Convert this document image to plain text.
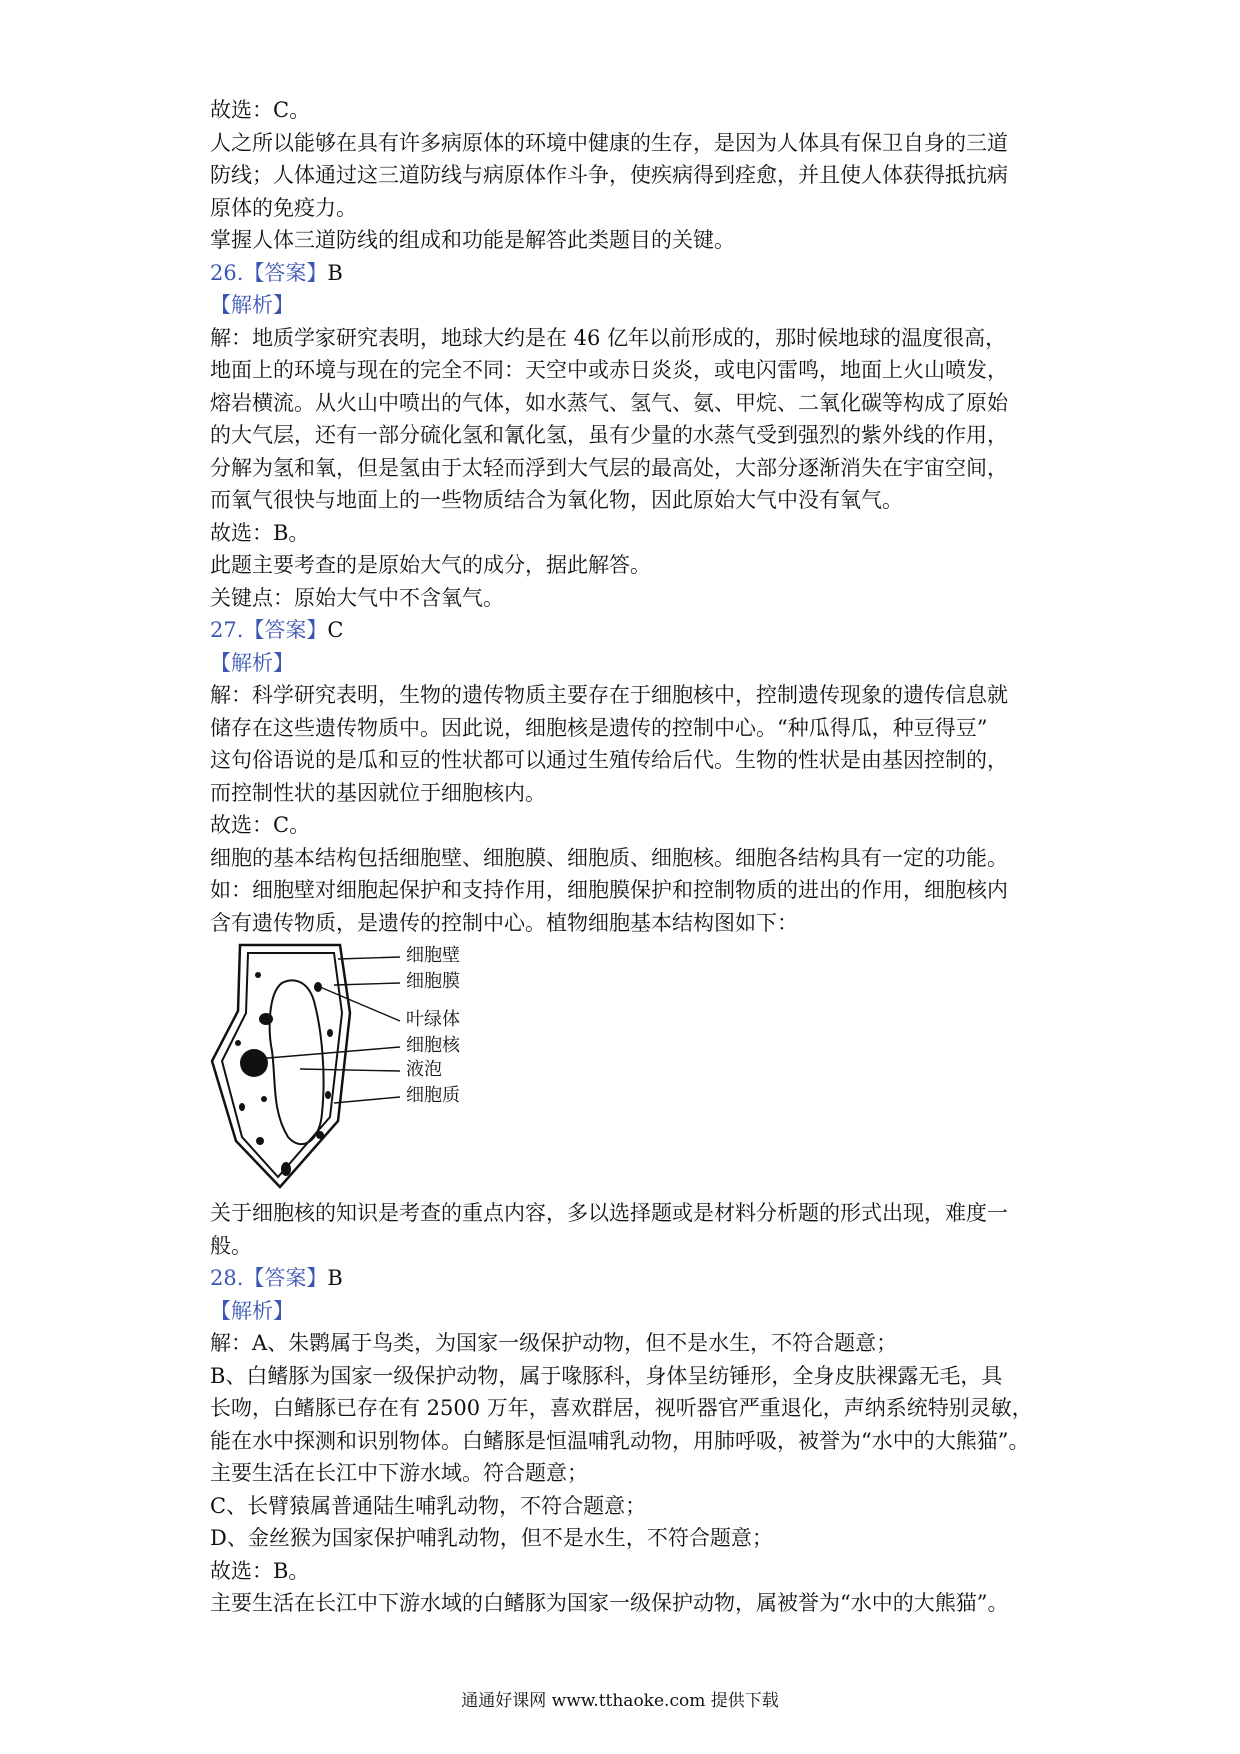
故选：C。
人之所以能够在具有许多病原体的环境中健康的生存，是因为人体具有保卫自身的三道
防线；人体通过这三道防线与病原体作斗争，使疾病得到痊愈，并且使人体获得抵抗病
原体的免疫力。
掌握人体三道防线的组成和功能是解答此类题目的关键。
26.【答案】B
【解析】
解：地质学家研究表明，地球大约是在 46 亿年以前形成的，那时候地球的温度很高，
地面上的环境与现在的完全不同：天空中或赤日炎炎，或电闪雷鸣，地面上火山喷发，
熔岩横流。从火山中喷出的气体，如水蒸气、氢气、氨、甲烷、二氧化碳等构成了原始
的大气层，还有一部分硫化氢和氰化氢，虽有少量的水蒸气受到强烈的紫外线的作用，
分解为氢和氧，但是氢由于太轻而浮到大气层的最高处，大部分逐渐消失在宇宙空间，
而氧气很快与地面上的一些物质结合为氧化物，因此原始大气中没有氧气。
故选：B。
此题主要考查的是原始大气的成分，据此解答。
关键点：原始大气中不含氧气。
27.【答案】C
【解析】
解：科学研究表明，生物的遗传物质主要存在于细胞核中，控制遗传现象的遗传信息就
储存在这些遗传物质中。因此说，细胞核是遗传的控制中心。“种瓜得瓜，种豆得豆”
这句俗语说的是瓜和豆的性状都可以通过生殖传给后代。生物的性状是由基因控制的，
而控制性状的基因就位于细胞核内。
故选：C。
细胞的基本结构包括细胞壁、细胞膜、细胞质、细胞核。细胞各结构具有一定的功能。
如：细胞壁对细胞起保护和支持作用，细胞膜保护和控制物质的进出的作用，细胞核内
含有遗传物质，是遗传的控制中心。植物细胞基本结构图如下：
细胞壁
细胞膜
叶绿体
细胞核
液泡
细胞质
关于细胞核的知识是考查的重点内容，多以选择题或是材料分析题的形式出现，难度一
般。
28.【答案】B
【解析】
解：A、朱鹮属于鸟类，为国家一级保护动物，但不是水生，不符合题意；
B、白鳍豚为国家一级保护动物，属于喙豚科，身体呈纺锤形，全身皮肤裸露无毛，具
长吻，白鳍豚已存在有 2500 万年，喜欢群居，视听器官严重退化，声纳系统特别灵敏，
能在水中探测和识别物体。白鳍豚是恒温哺乳动物，用肺呼吸，被誉为“水中的大熊猫”。
主要生活在长江中下游水域。符合题意；
C、长臂猿属普通陆生哺乳动物，不符合题意；
D、金丝猴为国家保护哺乳动物，但不是水生，不符合题意；
故选：B。
主要生活在长江中下游水域的白鳍豚为国家一级保护动物，属被誉为“水中的大熊猫”。
通通好课网 www.tthaoke.com 提供下载
